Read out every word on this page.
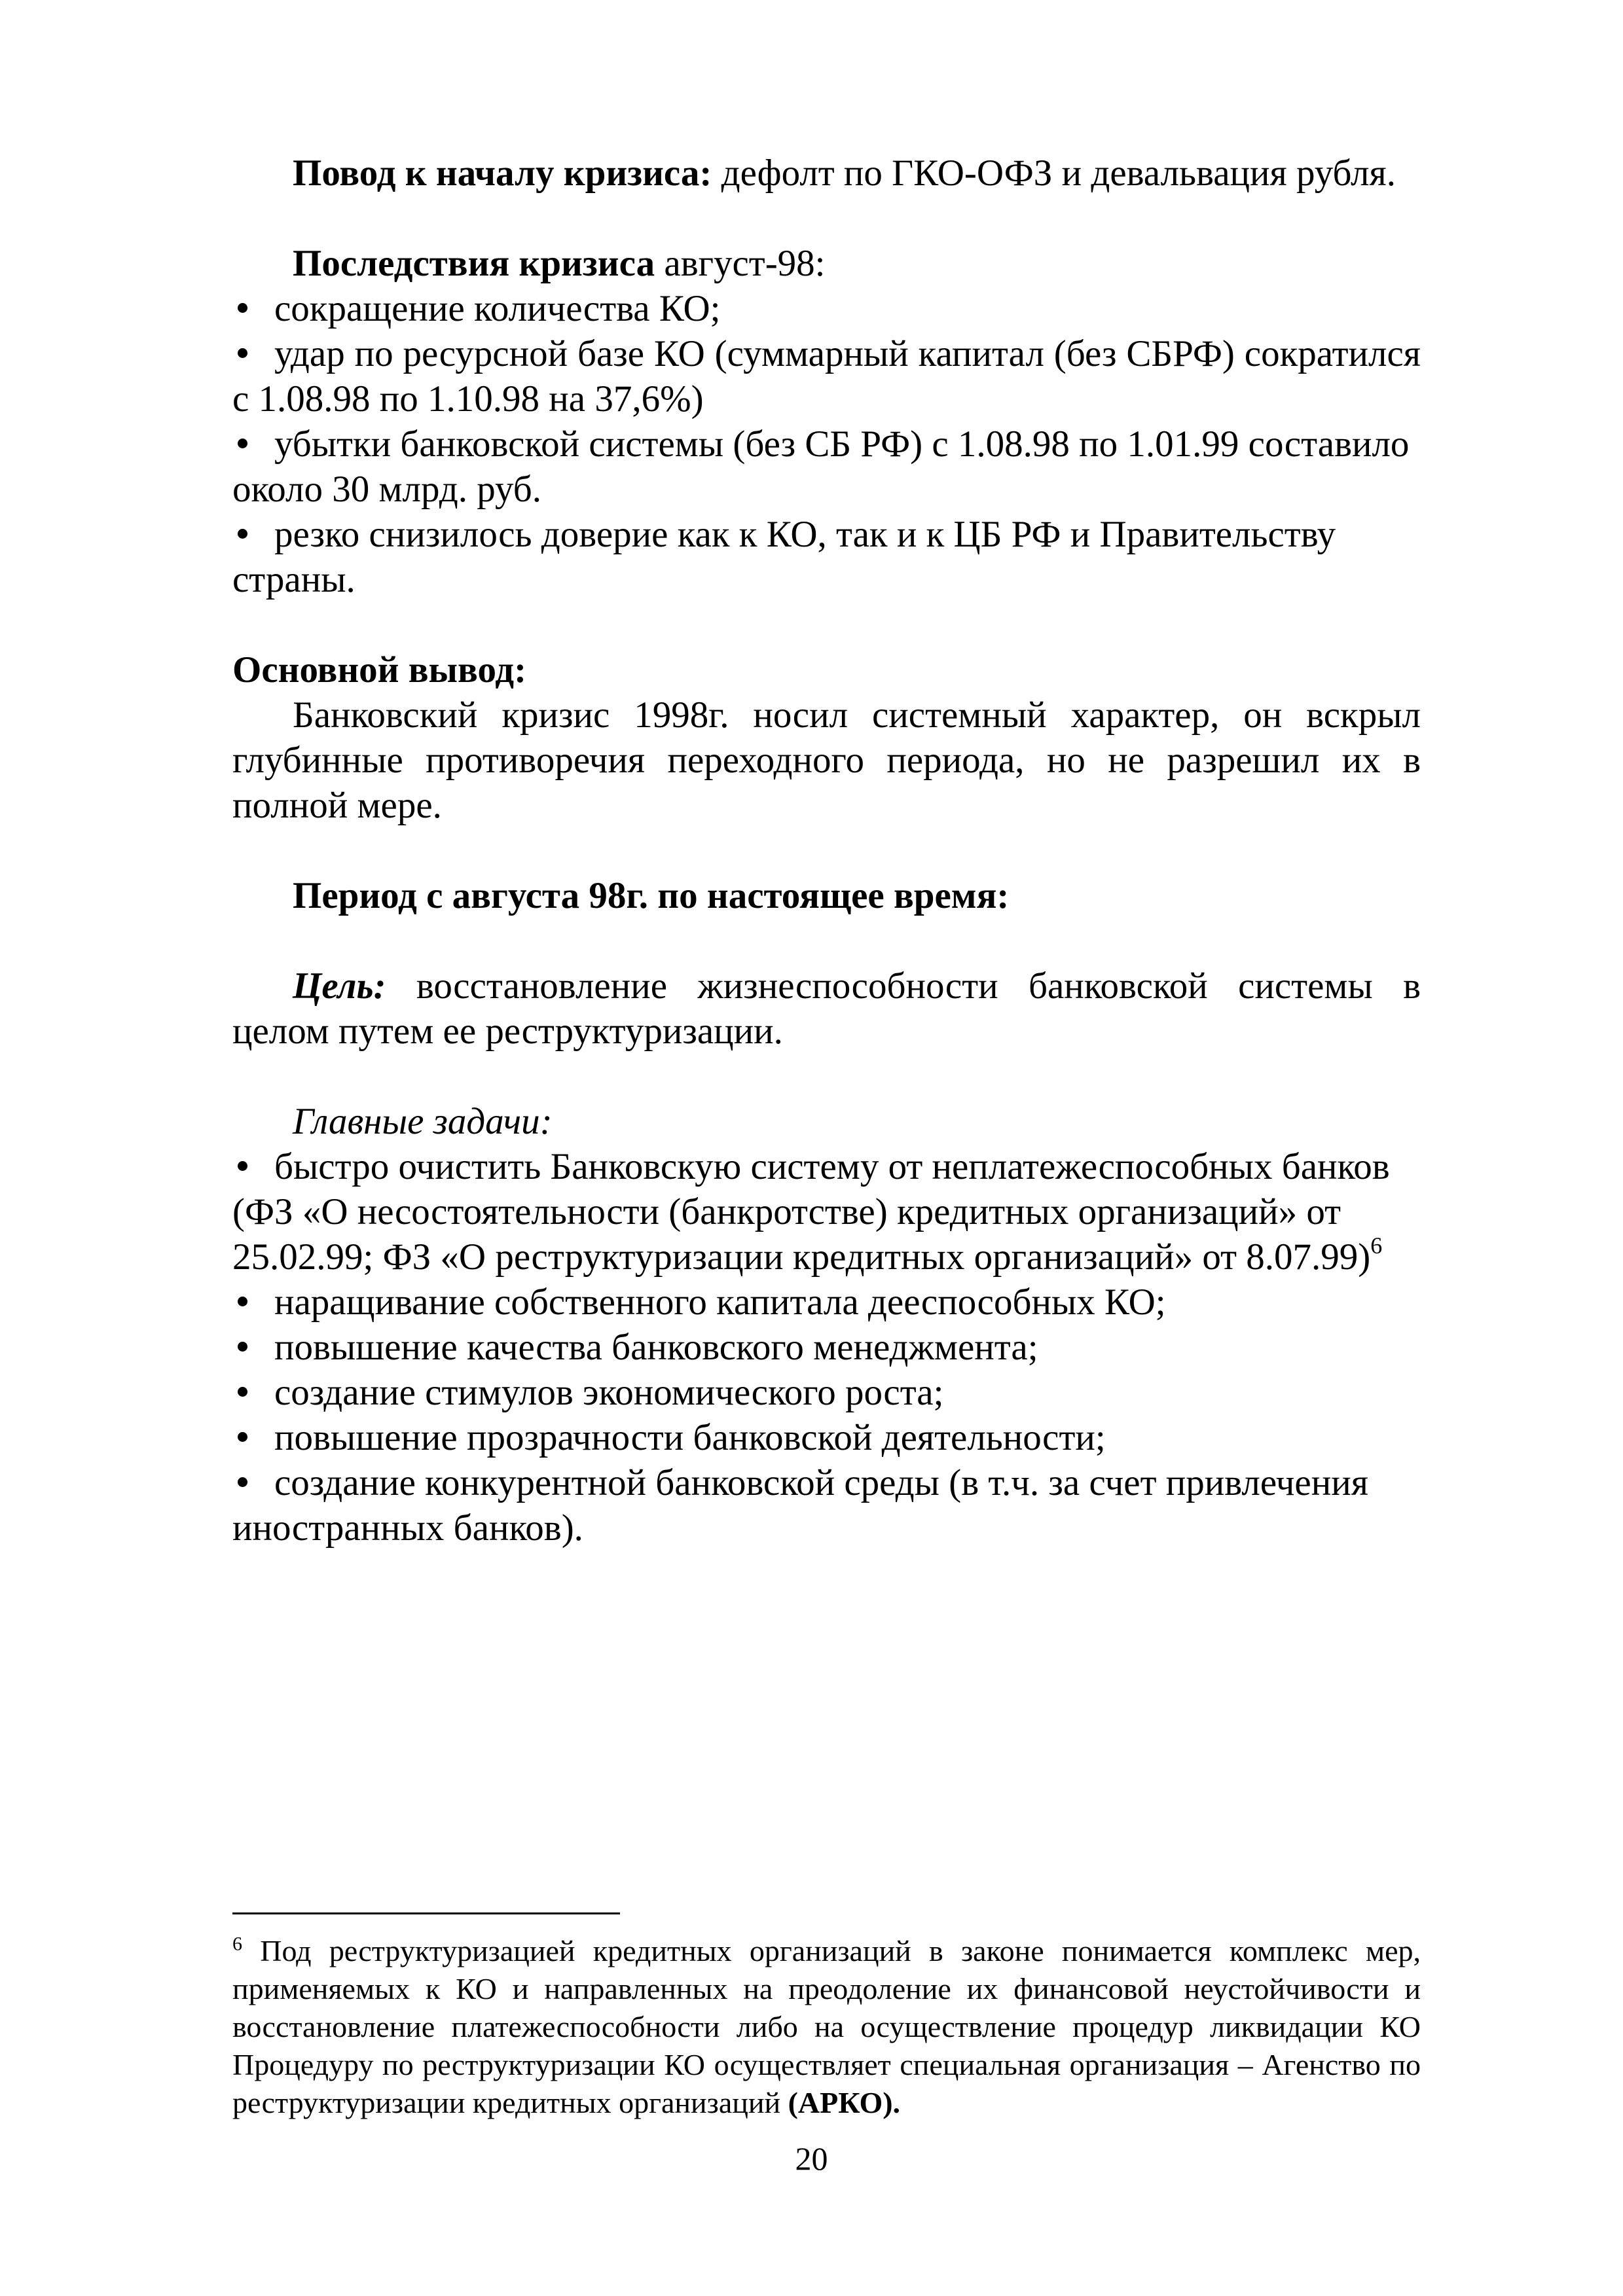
Повод к началу кризиса: дефолт по ГКО-ОФЗ и девальвация рубля.

Последствия кризиса август-98:

сокращение количества КО;

удар по ресурсной базе КО (суммарный капитал (без СБРФ) сократился с 1.08.98 по 1.10.98 на 37,6%)

убытки банковской системы (без СБ РФ) с 1.08.98 по 1.01.99 составило около 30 млрд. руб.

резко снизилось доверие как к КО, так и к ЦБ РФ и Правительству страны.

Основной вывод:

Банковский кризис 1998г. носил системный характер, он вскрыл глубинные противоречия переходного периода, но не разрешил их в полной мере.

Период с августа 98г. по настоящее время:

Цель: восстановление жизнеспособности банковской системы в целом путем ее реструктуризации.

Главные задачи:

быстро очистить Банковскую систему от неплатежеспособных банков (ФЗ «О несостоятельности (банкротстве) кредитных организаций» от 25.02.99; ФЗ «О реструктуризации кредитных организаций» от 8.07.99)$^6$

наращивание собственного капитала дееспособных КО;

повышение качества банковского менеджмента;

создание стимулов экономического роста;

повышение прозрачности банковской деятельности;

создание конкурентной банковской среды (в т.ч. за счет привлечения иностранных банков).

$^6$ Под реструктуризацией кредитных организаций в законе понимается комплекс мер, применяемых к КО и направленных на преодоление их финансовой неустойчивости и восстановление платежеспособности либо на осуществление процедур ликвидации КО Процедуру по реструктуризации КО осуществляет специальная организация – Агенство по реструктуризации кредитных организаций (АРКО).

20
